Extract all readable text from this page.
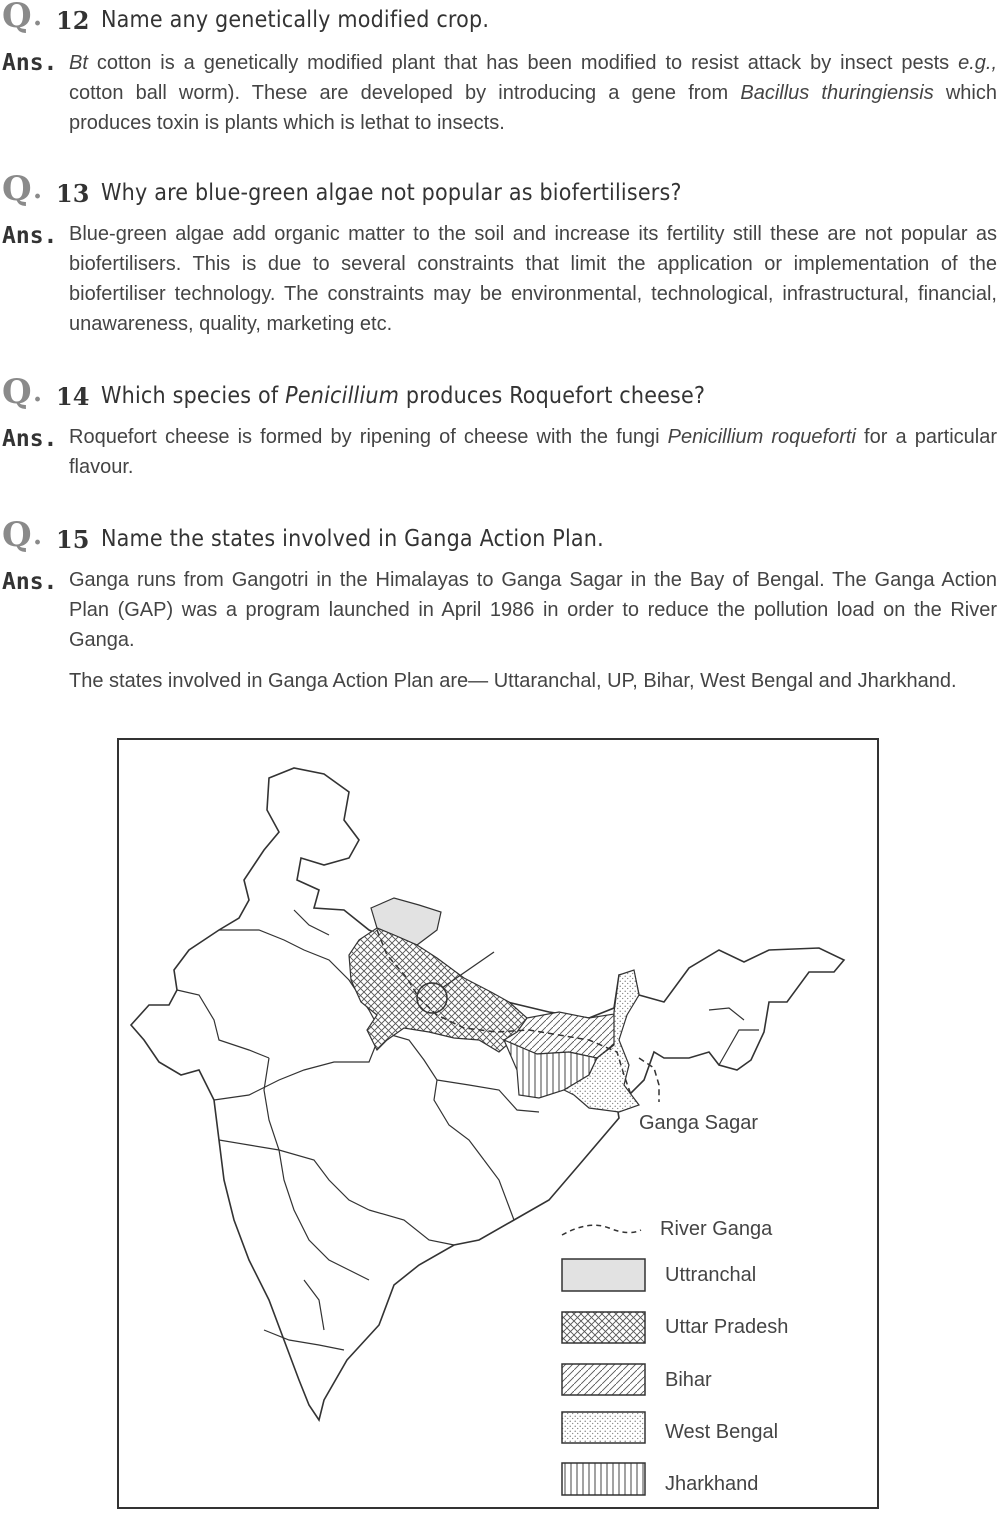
Q . 12 Name any genetically modified crop.
Ans. Bt cotton is a genetically modified plant that has been modified to resist attack by insect pests e.g., cotton ball worm). These are developed by introducing a gene from Bacillus thuringiensis which produces toxin is plants which is lethat to insects.
Q . 13 Why are blue-green algae not popular as biofertilisers?
Ans. Blue-green algae add organic matter to the soil and increase its fertility still these are not popular as biofertilisers. This is due to several constraints that limit the application or implementation of the biofertiliser technology. The constraints may be environmental, technological, infrastructural, financial, unawareness, quality, marketing etc.
Q . 14 Which species of Penicillium produces Roquefort cheese?
Ans. Roquefort cheese is formed by ripening of cheese with the fungi Penicillium roqueforti for a particular flavour.
Q . 15 Name the states involved in Ganga Action Plan.
Ans. Ganga runs from Gangotri in the Himalayas to Ganga Sagar in the Bay of Bengal. The Ganga Action Plan (GAP) was a program launched in April 1986 in order to reduce the pollution load on the River Ganga.

The states involved in Ganga Action Plan are— Uttaranchal, UP, Bihar, West Bengal and Jharkhand.

Ganga Sagar
River Ganga
Uttranchal
Uttar Pradesh
Bihar
West Bengal
Jharkhand
